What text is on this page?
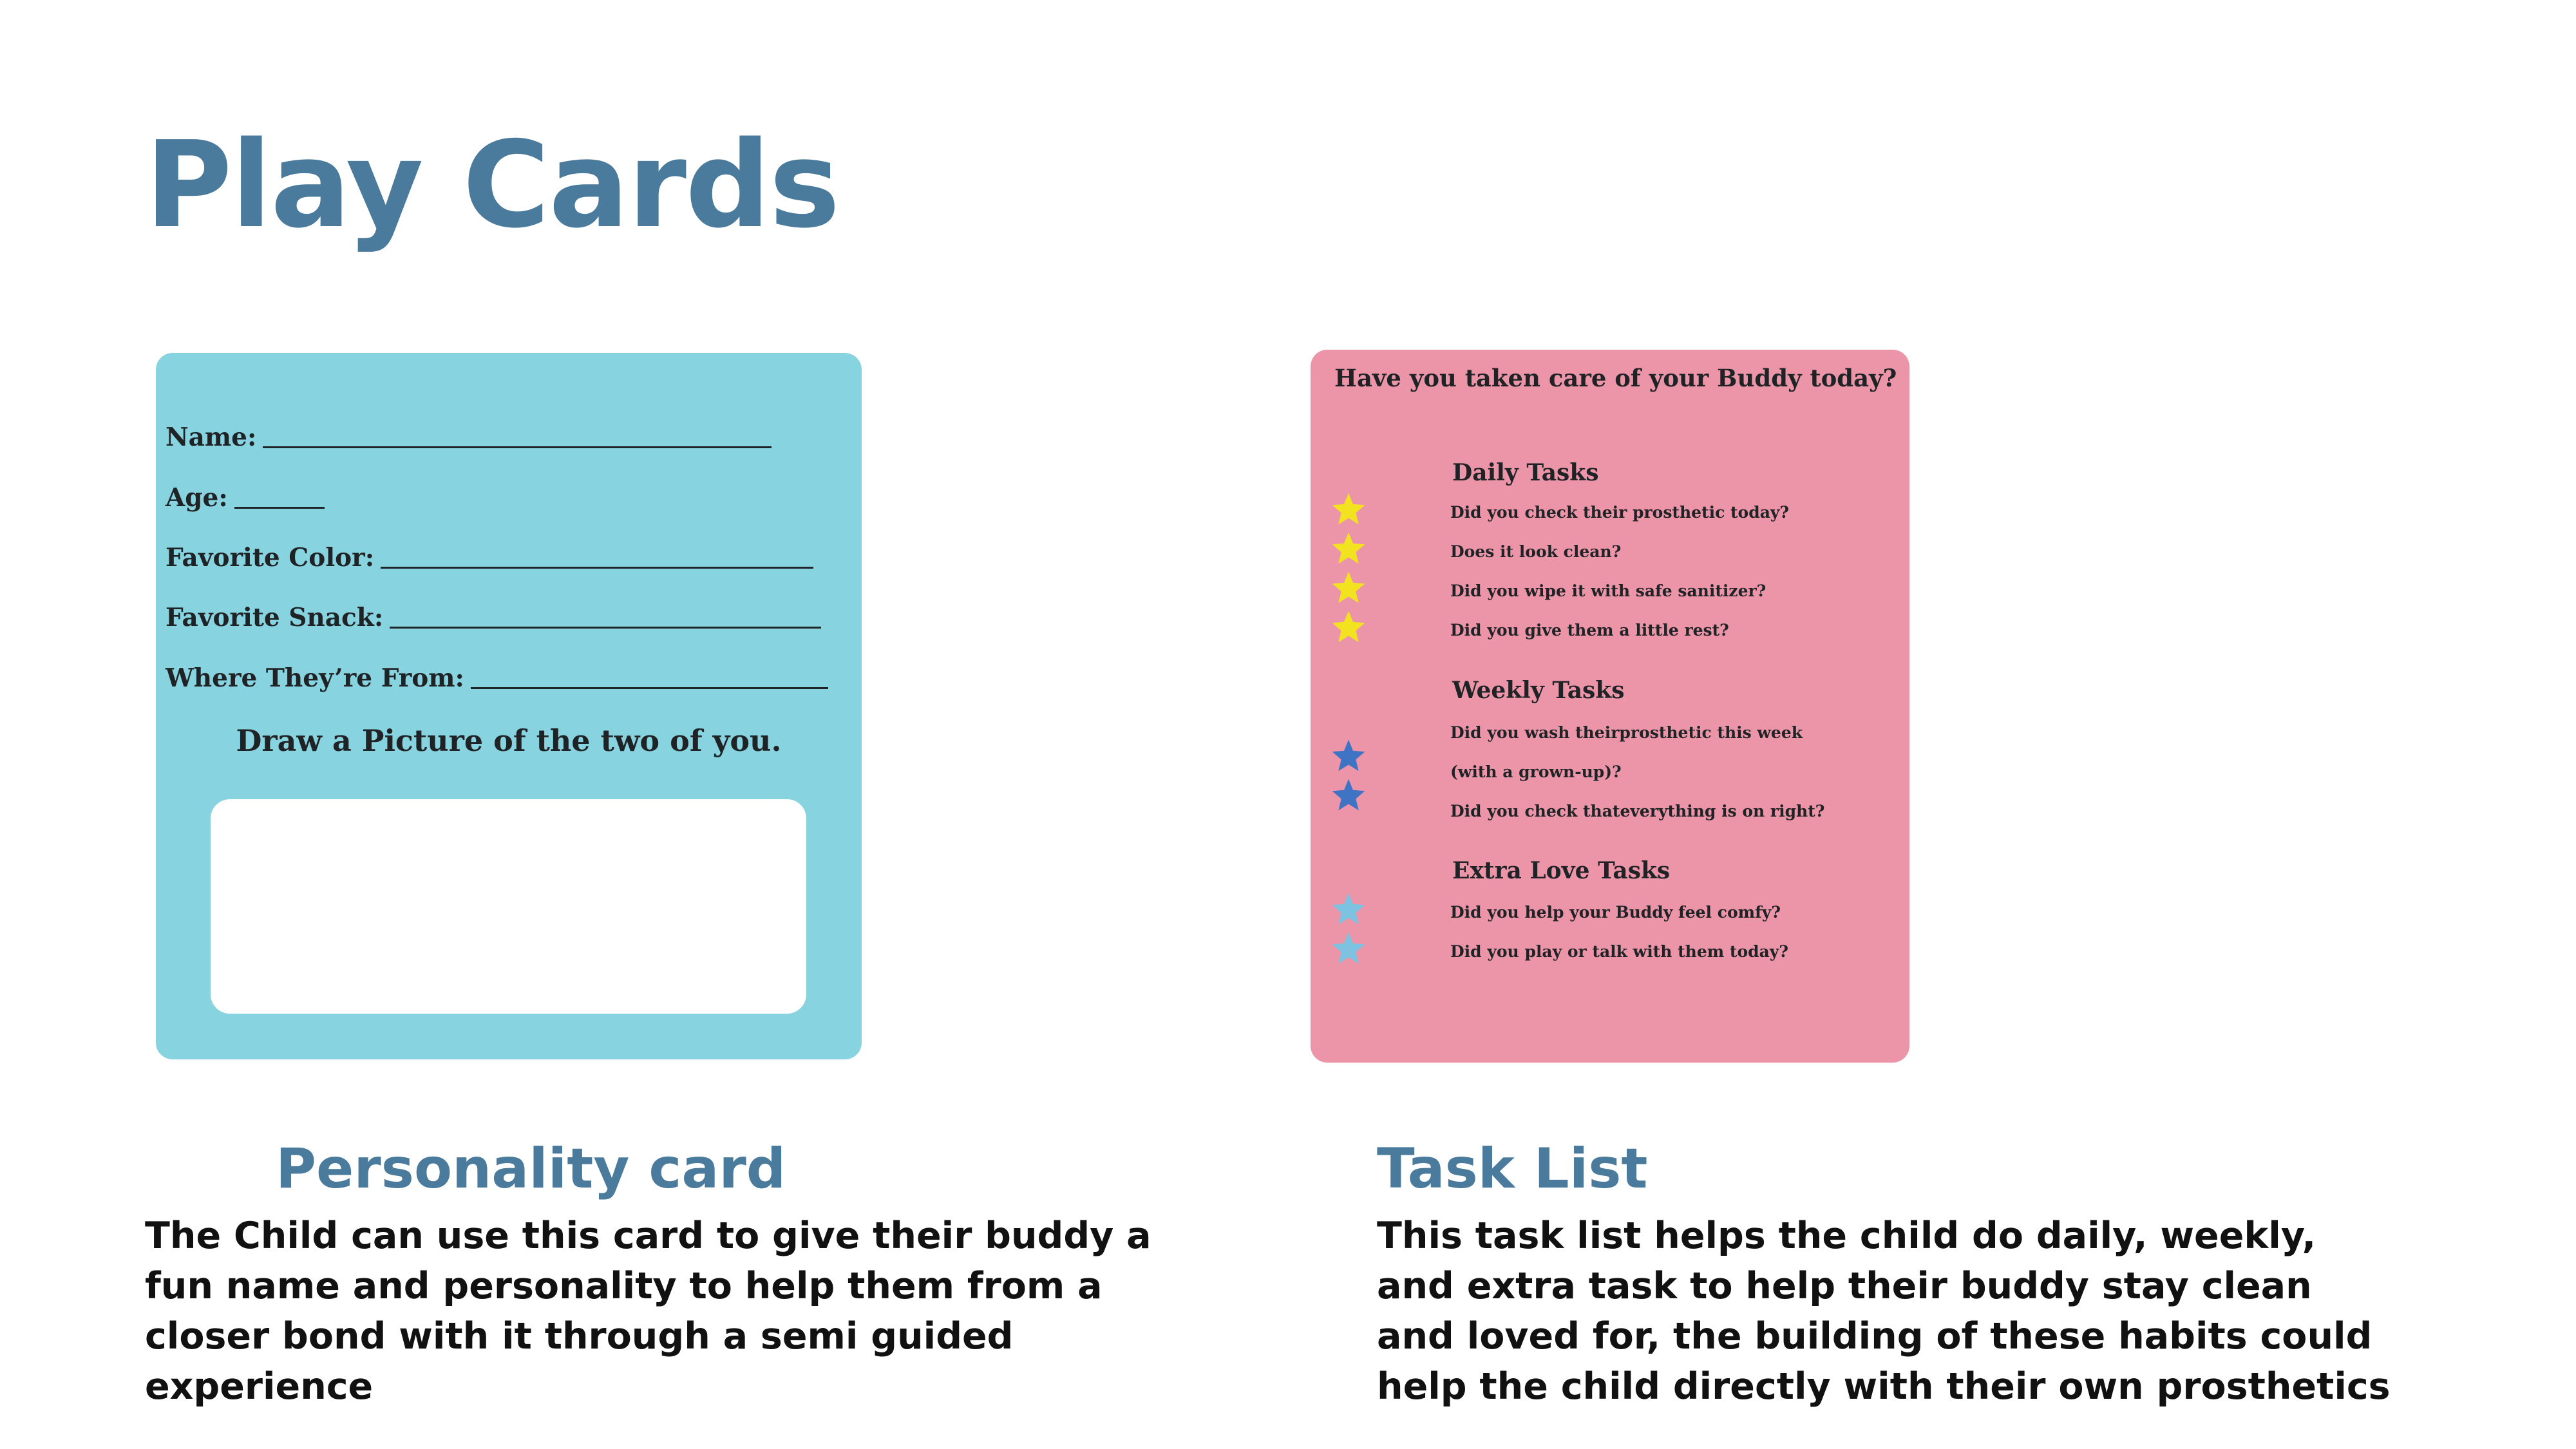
Play Cards
Name:
Age:
Favorite Color:
Favorite Snack:
Where They’re From:
Draw a Picture of the two of you.
Have you taken care of your Buddy today?
Daily Tasks
Did you check their prosthetic today?
Does it look clean?
Did you wipe it with safe sanitizer?
Did you give them a little rest?
Weekly Tasks
Did you wash theirprosthetic this week
(with a grown-up)?
Did you check thateverything is on right?
Extra Love Tasks
Did you help your Buddy feel comfy?
Did you play or talk with them today?
Personality card

The Child can use this card to give their buddy a fun name and personality to help them from a closer bond with it through a semi guided experience

Task List

This task list helps the child do daily, weekly, and extra task to help their buddy stay clean and loved for, the building of these habits could help the child directly with their own prosthetics
